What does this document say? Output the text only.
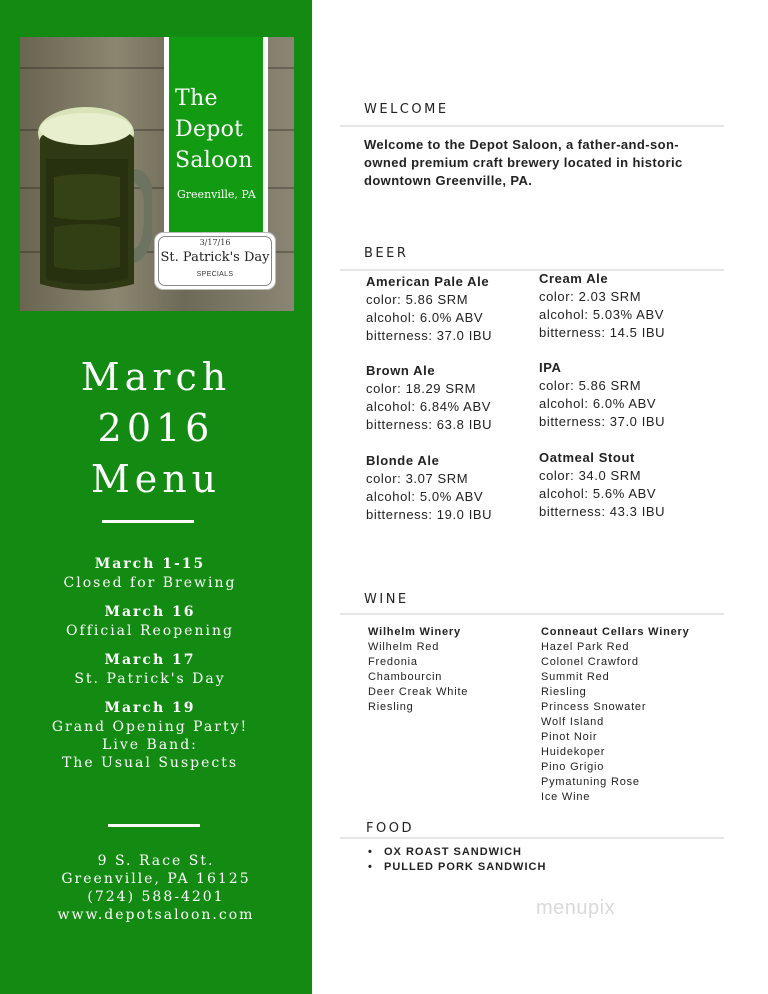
The Depot Saloon
Greenville, PA
3/17/16
St. Patrick's Day
SPECIALS
March
2016
Menu
March 1-15
Closed for Brewing
March 16
Official Reopening
March 17
St. Patrick's Day
March 19
Grand Opening Party!
Live Band:
The Usual Suspects
9 S. Race St.
Greenville, PA 16125
(724) 588-4201
www.depotsaloon.com
WELCOME
Welcome to the Depot Saloon, a father-and-son-owned premium craft brewery located in historic downtown Greenville, PA.
BEER
American Pale Ale
color: 5.86 SRM
alcohol: 6.0% ABV
bitterness: 37.0 IBU
Cream Ale
color: 2.03 SRM
alcohol: 5.03% ABV
bitterness: 14.5 IBU
Brown Ale
color: 18.29 SRM
alcohol: 6.84% ABV
bitterness: 63.8 IBU
IPA
color: 5.86 SRM
alcohol: 6.0% ABV
bitterness: 37.0 IBU
Blonde Ale
color: 3.07 SRM
alcohol: 5.0% ABV
bitterness: 19.0 IBU
Oatmeal Stout
color: 34.0 SRM
alcohol: 5.6% ABV
bitterness: 43.3 IBU
WINE
Wilhelm Winery
Wilhelm Red
Fredonia
Chambourcin
Deer Creak White
Riesling
Conneaut Cellars Winery
Hazel Park Red
Colonel Crawford
Summit Red
Riesling
Princess Snowater
Wolf Island
Pinot Noir
Huidekoper
Pino Grigio
Pymatuning Rose
Ice Wine
FOOD
• OX ROAST SANDWICH
• PULLED PORK SANDWICH
menupix
